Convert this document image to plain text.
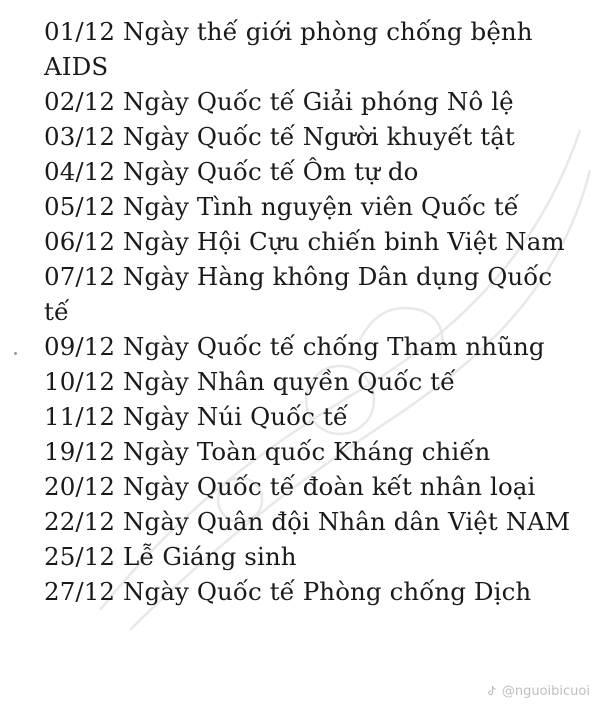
01/12 Ngày thế giới phòng chống bệnh AIDS
02/12 Ngày Quốc tế Giải phóng Nô lệ
03/12 Ngày Quốc tế Người khuyết tật
04/12 Ngày Quốc tế Ôm tự do
05/12 Ngày Tình nguyện viên Quốc tế
06/12 Ngày Hội Cựu chiến binh Việt Nam
07/12 Ngày Hàng không Dân dụng Quốc tế
09/12 Ngày Quốc tế chống Tham nhũng
10/12 Ngày Nhân quyền Quốc tế
11/12 Ngày Núi Quốc tế
19/12 Ngày Toàn quốc Kháng chiến
20/12 Ngày Quốc tế đoàn kết nhân loại
22/12 Ngày Quân đội Nhân dân Việt NAM
25/12 Lễ Giáng sinh
27/12 Ngày Quốc tế Phòng chống Dịch
@nguoibicuoi
